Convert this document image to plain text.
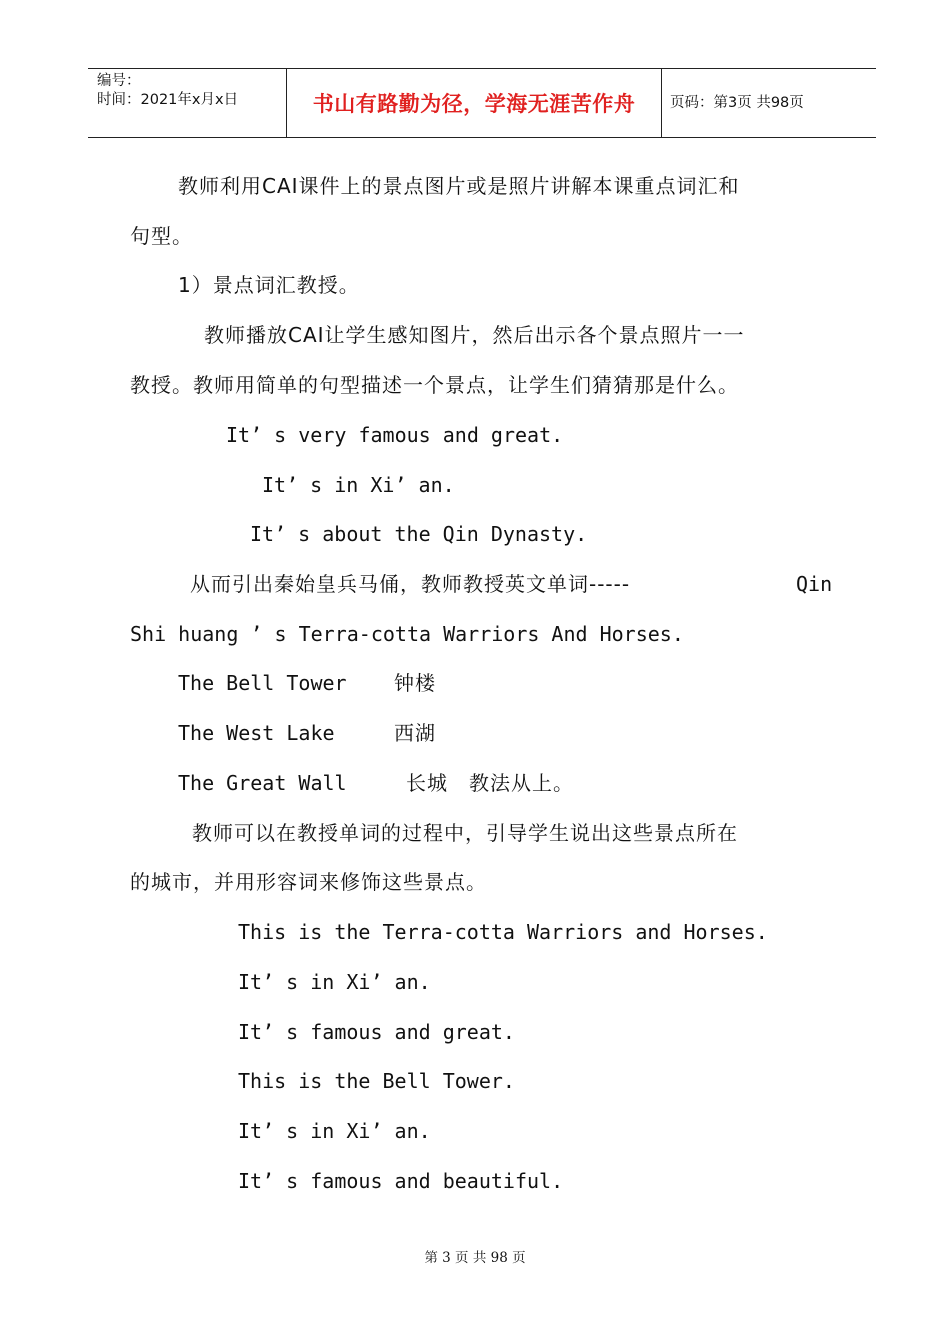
编号：
时间：2021年x月x日	书山有路勤为径，学海无涯苦作舟 页码：第3页 共98页
教师利用CAI课件上的景点图片或是照片讲解本课重点词汇和
句型。
1）景点词汇教授。
教师播放CAI让学生感知图片，然后出示各个景点照片一一
教授。教师用简单的句型描述一个景点，让学生们猜猜那是什么。
It’ s very famous and great.
It’ s in Xi’ an.
It’ s about the Qin Dynasty.
从而引出秦始皇兵马俑，教师教授英文单词-----	Qin
Shi huang ’ s Terra-cotta Warriors And Horses.
The Bell Tower 钟楼
The West Lake	西湖
The Great Wall	长城　教法从上。
教师可以在教授单词的过程中，引导学生说出这些景点所在
的城市，并用形容词来修饰这些景点。
This is the Terra-cotta Warriors and Horses.
It’ s in Xi’ an.
It’ s famous and great.
This is the Bell Tower.
It’ s in Xi’ an.
It’ s famous and beautiful.
第 3 页 共 98 页
